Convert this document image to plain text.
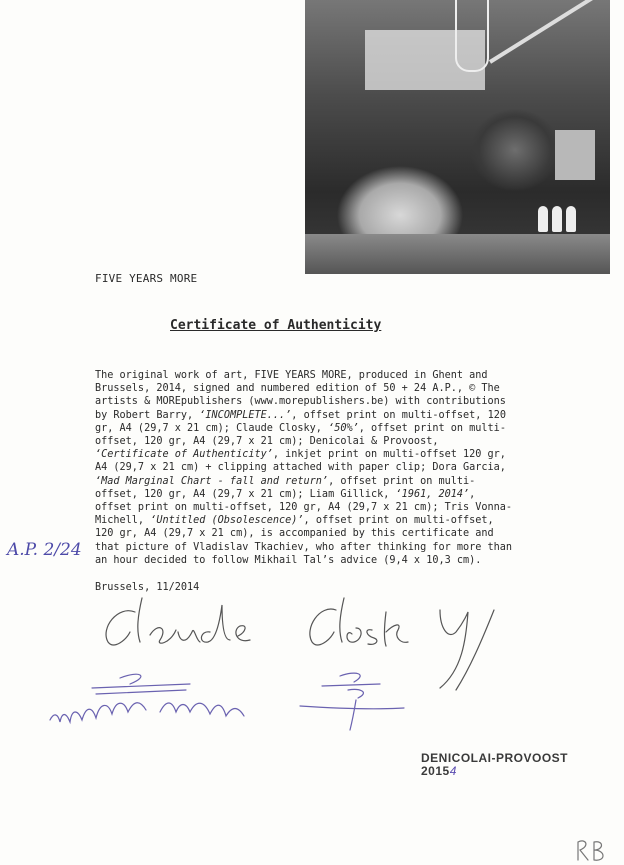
FIVE YEARS MORE
Certificate of Authenticity
The original work of art, FIVE YEARS MORE, produced in Ghent and Brussels, 2014, signed and numbered edition of 50 + 24 A.P., © The artists & MOREpublishers (www.morepublishers.be) with contributions by Robert Barry, ‘INCOMPLETE...’, offset print on multi-offset, 120 gr, A4 (29,7 x 21 cm); Claude Closky, ‘50%’, offset print on multi-offset, 120 gr, A4 (29,7 x 21 cm); Denicolai & Provoost, ‘Certificate of Authenticity’, inkjet print on multi-offset 120 gr, A4 (29,7 x 21 cm) + clipping attached with paper clip; Dora Garcia, ‘Mad Marginal Chart - fall and return’, offset print on multi-offset, 120 gr, A4 (29,7 x 21 cm); Liam Gillick, ‘1961, 2014’, offset print on multi-offset, 120 gr, A4 (29,7 x 21 cm); Tris Vonna-Michell, ‘Untitled (Obsolescence)’, offset print on multi-offset, 120 gr, A4 (29,7 x 21 cm), is accompanied by this certificate and that picture of Vladislav Tkachiev, who after thinking for more than an hour decided to follow Mikhail Tal’s advice (9,4 x 10,3 cm).
A.P. 2/24
Brussels, 11/2014
DENICOLAI-PROVOOST
20154
